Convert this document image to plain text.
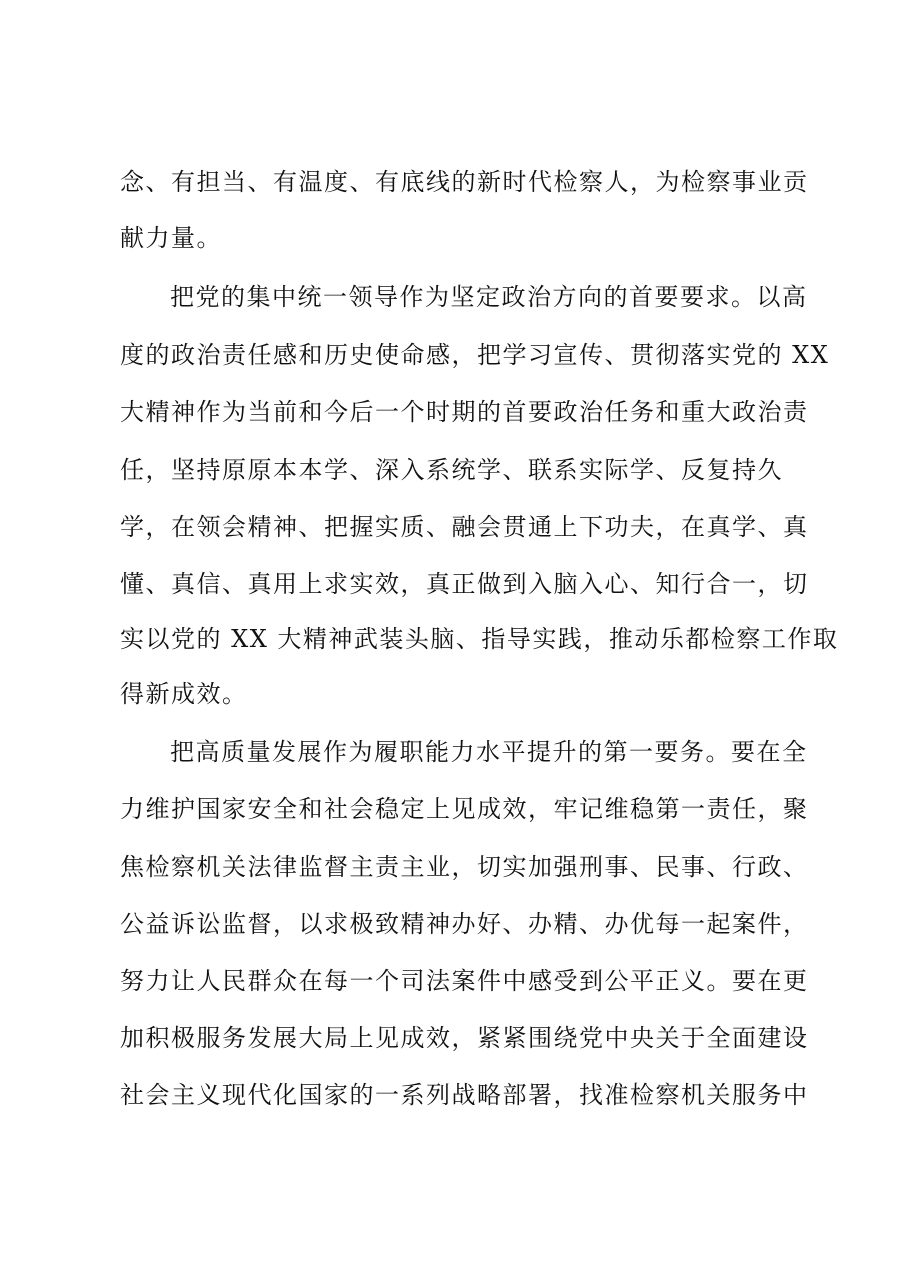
念、有担当、有温度、有底线的新时代检察人，为检察事业贡
献力量。
把党的集中统一领导作为坚定政治方向的首要要求。以高
度的政治责任感和历史使命感，把学习宣传、贯彻落实党的 XX
大精神作为当前和今后一个时期的首要政治任务和重大政治责
任，坚持原原本本学、深入系统学、联系实际学、反复持久
学，在领会精神、把握实质、融会贯通上下功夫，在真学、真
懂、真信、真用上求实效，真正做到入脑入心、知行合一，切
实以党的 XX 大精神武装头脑、指导实践，推动乐都检察工作取
得新成效。
把高质量发展作为履职能力水平提升的第一要务。要在全
力维护国家安全和社会稳定上见成效，牢记维稳第一责任，聚
焦检察机关法律监督主责主业，切实加强刑事、民事、行政、
公益诉讼监督，以求极致精神办好、办精、办优每一起案件，
努力让人民群众在每一个司法案件中感受到公平正义。要在更
加积极服务发展大局上见成效，紧紧围绕党中央关于全面建设
社会主义现代化国家的一系列战略部署，找准检察机关服务中
